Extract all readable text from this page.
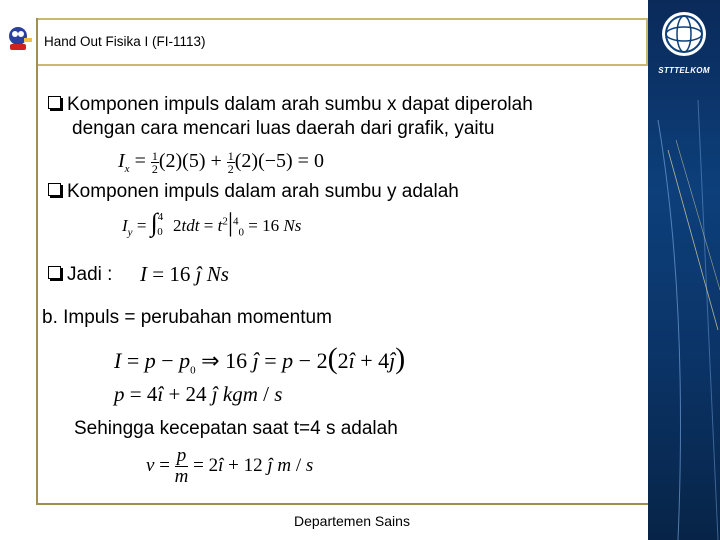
STTTELKOM
Hand Out Fisika I (FI-1113)
Komponen impuls dalam arah sumbu x dapat diperolah
dengan cara mencari luas daerah dari grafik, yaitu
$I_x = \frac{1}{2} (2)(5) + \frac{1}{2} (2)(-5) = 0$
Komponen impuls dalam arah sumbu y adalah
$I_y = \int^4_0$ $2tdt = t^2|^4_0 = 16$ Ns
Jadi : I = 16 ĵ Ns
b. Impuls = perubahan momentum
$I = p - p_0$ ⇒ 16 ĵ = p − 2(2î + 4ĵ)
p = 4î + 24 ĵ kgm / s
Sehingga kecepatan saat t=4 s adalah
$v = \frac{p}{m}$ = 2î + 12 ĵ m / s
Departemen Sains
